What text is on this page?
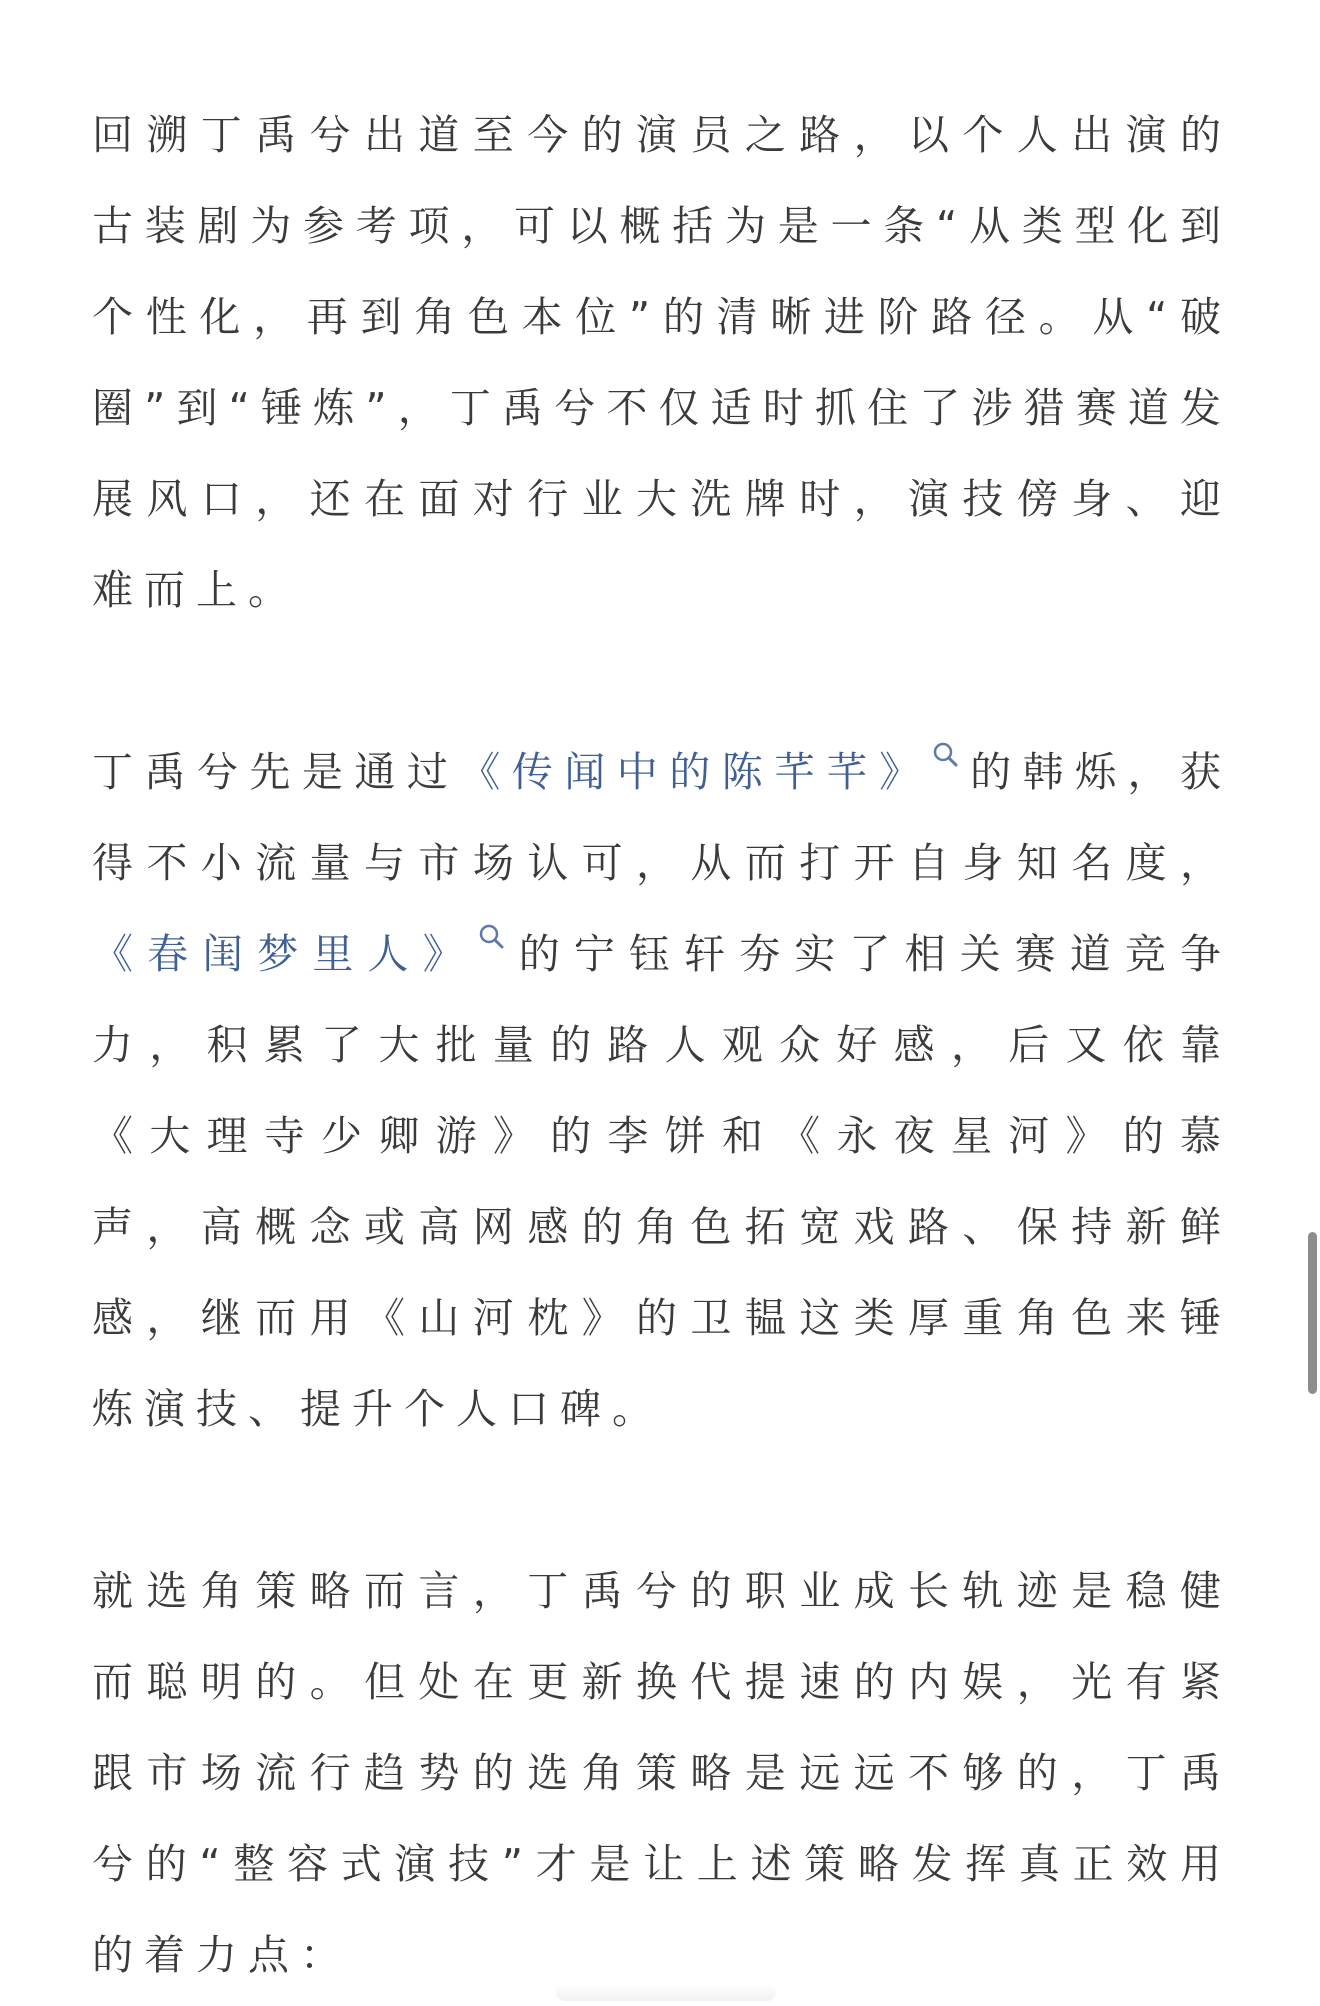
回溯丁禹兮出道至今的演员之路，以个人出演的古装剧为参考项，可以概括为是一条“从类型化到个性化，再到角色本位”的清晰进阶路径。从“破圈”到“锤炼”，丁禹兮不仅适时抓住了涉猎赛道发展风口，还在面对行业大洗牌时，演技傍身、迎难而上。

丁禹兮先是通过《传闻中的陈芊芊》 的韩烁，获得不小流量与市场认可，从而打开自身知名度，《春闺梦里人》 的宁钰轩夯实了相关赛道竞争力，积累了大批量的路人观众好感，后又依靠《大理寺少卿游》的李饼和《永夜星河》的慕声，高概念或高网感的角色拓宽戏路、保持新鲜感，继而用《山河枕》的卫韫这类厚重角色来锤炼演技、提升个人口碑。

就选角策略而言，丁禹兮的职业成长轨迹是稳健而聪明的。但处在更新换代提速的内娱，光有紧跟市场流行趋势的选角策略是远远不够的，丁禹兮的“整容式演技”才是让上述策略发挥真正效用的着力点：
